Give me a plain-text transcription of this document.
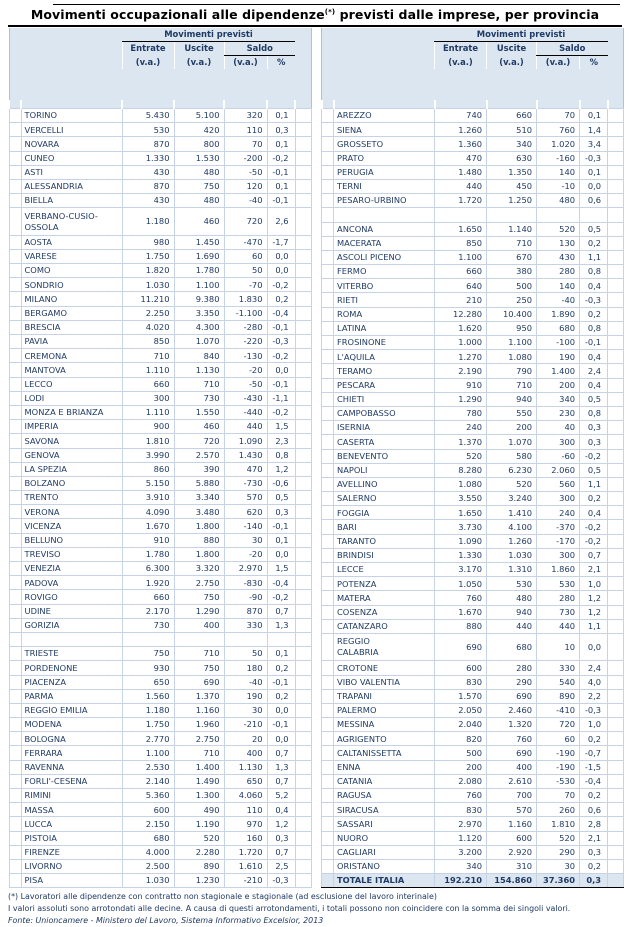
Movimenti occupazionali alle dipendenze(*) previsti dalle imprese, per provincia
		Movimenti previsti				
		Entrate	Uscite	Saldo		
		(v.a.)	(v.a.)	(v.a.)	%	

	TORINO	5.430	5.100	320	0,1	
	VERCELLI	530	420	110	0,3	
	NOVARA	870	800	70	0,1	
	CUNEO	1.330	1.530	-200	-0,2	
	ASTI	430	480	-50	-0,1	
	ALESSANDRIA	870	750	120	0,1	
	BIELLA	430	480	-40	-0,1	
	VERBANO-CUSIO-
OSSOLA	1.180	460	720	2,6	
	AOSTA	980	1.450	-470	-1,7	
	VARESE	1.750	1.690	60	0,0	
	COMO	1.820	1.780	50	0,0	
	SONDRIO	1.030	1.100	-70	-0,2	
	MILANO	11.210	9.380	1.830	0,2	
	BERGAMO	2.250	3.350	-1.100	-0,4	
	BRESCIA	4.020	4.300	-280	-0,1	
	PAVIA	850	1.070	-220	-0,3	
	CREMONA	710	840	-130	-0,2	
	MANTOVA	1.110	1.130	-20	0,0	
	LECCO	660	710	-50	-0,1	
	LODI	300	730	-430	-1,1	
	MONZA E BRIANZA	1.110	1.550	-440	-0,2	
	IMPERIA	900	460	440	1,5	
	SAVONA	1.810	720	1.090	2,3	
	GENOVA	3.990	2.570	1.430	0,8	
	LA SPEZIA	860	390	470	1,2	
	BOLZANO	5.150	5.880	-730	-0,6	
	TRENTO	3.910	3.340	570	0,5	
	VERONA	4.090	3.480	620	0,3	
	VICENZA	1.670	1.800	-140	-0,1	
	BELLUNO	910	880	30	0,1	
	TREVISO	1.780	1.800	-20	0,0	
	VENEZIA	6.300	3.320	2.970	1,5	
	PADOVA	1.920	2.750	-830	-0,4	
	ROVIGO	660	750	-90	-0,2	
	UDINE	2.170	1.290	870	0,7	
	GORIZIA	730	400	330	1,3	

	TRIESTE	750	710	50	0,1	
	PORDENONE	930	750	180	0,2	
	PIACENZA	650	690	-40	-0,1	
	PARMA	1.560	1.370	190	0,2	
	REGGIO EMILIA	1.180	1.160	30	0,0	
	MODENA	1.750	1.960	-210	-0,1	
	BOLOGNA	2.770	2.750	20	0,0	
	FERRARA	1.100	710	400	0,7	
	RAVENNA	2.530	1.400	1.130	1,3	
	FORLI'-CESENA	2.140	1.490	650	0,7	
	RIMINI	5.360	1.300	4.060	5,2	
	MASSA	600	490	110	0,4	
	LUCCA	2.150	1.190	970	1,2	
	PISTOIA	680	520	160	0,3	
	FIRENZE	4.000	2.280	1.720	0,7	
	LIVORNO	2.500	890	1.610	2,5	
	PISA	1.030	1.230	-210	-0,3	
		Movimenti previsti				
		Entrate	Uscite	Saldo		
		(v.a.)	(v.a.)	(v.a.)	%	

	AREZZO	740	660	70	0,1	
	SIENA	1.260	510	760	1,4	
	GROSSETO	1.360	340	1.020	3,4	
	PRATO	470	630	-160	-0,3	
	PERUGIA	1.480	1.350	140	0,1	
	TERNI	440	450	-10	0,0	
	PESARO-URBINO	1.720	1.250	480	0,6	

	ANCONA	1.650	1.140	520	0,5	
	MACERATA	850	710	130	0,2	
	ASCOLI PICENO	1.100	670	430	1,1	
	FERMO	660	380	280	0,8	
	VITERBO	640	500	140	0,4	
	RIETI	210	250	-40	-0,3	
	ROMA	12.280	10.400	1.890	0,2	
	LATINA	1.620	950	680	0,8	
	FROSINONE	1.000	1.100	-100	-0,1	
	L'AQUILA	1.270	1.080	190	0,4	
	TERAMO	2.190	790	1.400	2,4	
	PESCARA	910	710	200	0,4	
	CHIETI	1.290	940	340	0,5	
	CAMPOBASSO	780	550	230	0,8	
	ISERNIA	240	200	40	0,3	
	CASERTA	1.370	1.070	300	0,3	
	BENEVENTO	520	580	-60	-0,2	
	NAPOLI	8.280	6.230	2.060	0,5	
	AVELLINO	1.080	520	560	1,1	
	SALERNO	3.550	3.240	300	0,2	
	FOGGIA	1.650	1.410	240	0,4	
	BARI	3.730	4.100	-370	-0,2	
	TARANTO	1.090	1.260	-170	-0,2	
	BRINDISI	1.330	1.030	300	0,7	
	LECCE	3.170	1.310	1.860	2,1	
	POTENZA	1.050	530	530	1,0	
	MATERA	760	480	280	1,2	
	COSENZA	1.670	940	730	1,2	
	CATANZARO	880	440	440	1,1	
	REGGIO
CALABRIA	690	680	10	0,0	
	CROTONE	600	280	330	2,4	
	VIBO VALENTIA	830	290	540	4,0	
	TRAPANI	1.570	690	890	2,2	
	PALERMO	2.050	2.460	-410	-0,3	
	MESSINA	2.040	1.320	720	1,0	
	AGRIGENTO	820	760	60	0,2	
	CALTANISSETTA	500	690	-190	-0,7	
	ENNA	200	400	-190	-1,5	
	CATANIA	2.080	2.610	-530	-0,4	
	RAGUSA	760	700	70	0,2	
	SIRACUSA	830	570	260	0,6	
	SASSARI	2.970	1.160	1.810	2,8	
	NUORO	1.120	600	520	2,1	
	CAGLIARI	3.200	2.920	290	0,3	
	ORISTANO	340	310	30	0,2	
	TOTALE ITALIA	192.210	154.860	37.360	0,3	
(*) Lavoratori alle dipendenze con contratto non stagionale e stagionale (ad esclusione del lavoro interinale)
I valori assoluti sono arrotondati alle decine. A causa di questi arrotondamenti, i totali possono non coincidere con la somma dei singoli valori.
Fonte: Unioncamere - Ministero del Lavoro, Sistema Informativo Excelsior, 2013
